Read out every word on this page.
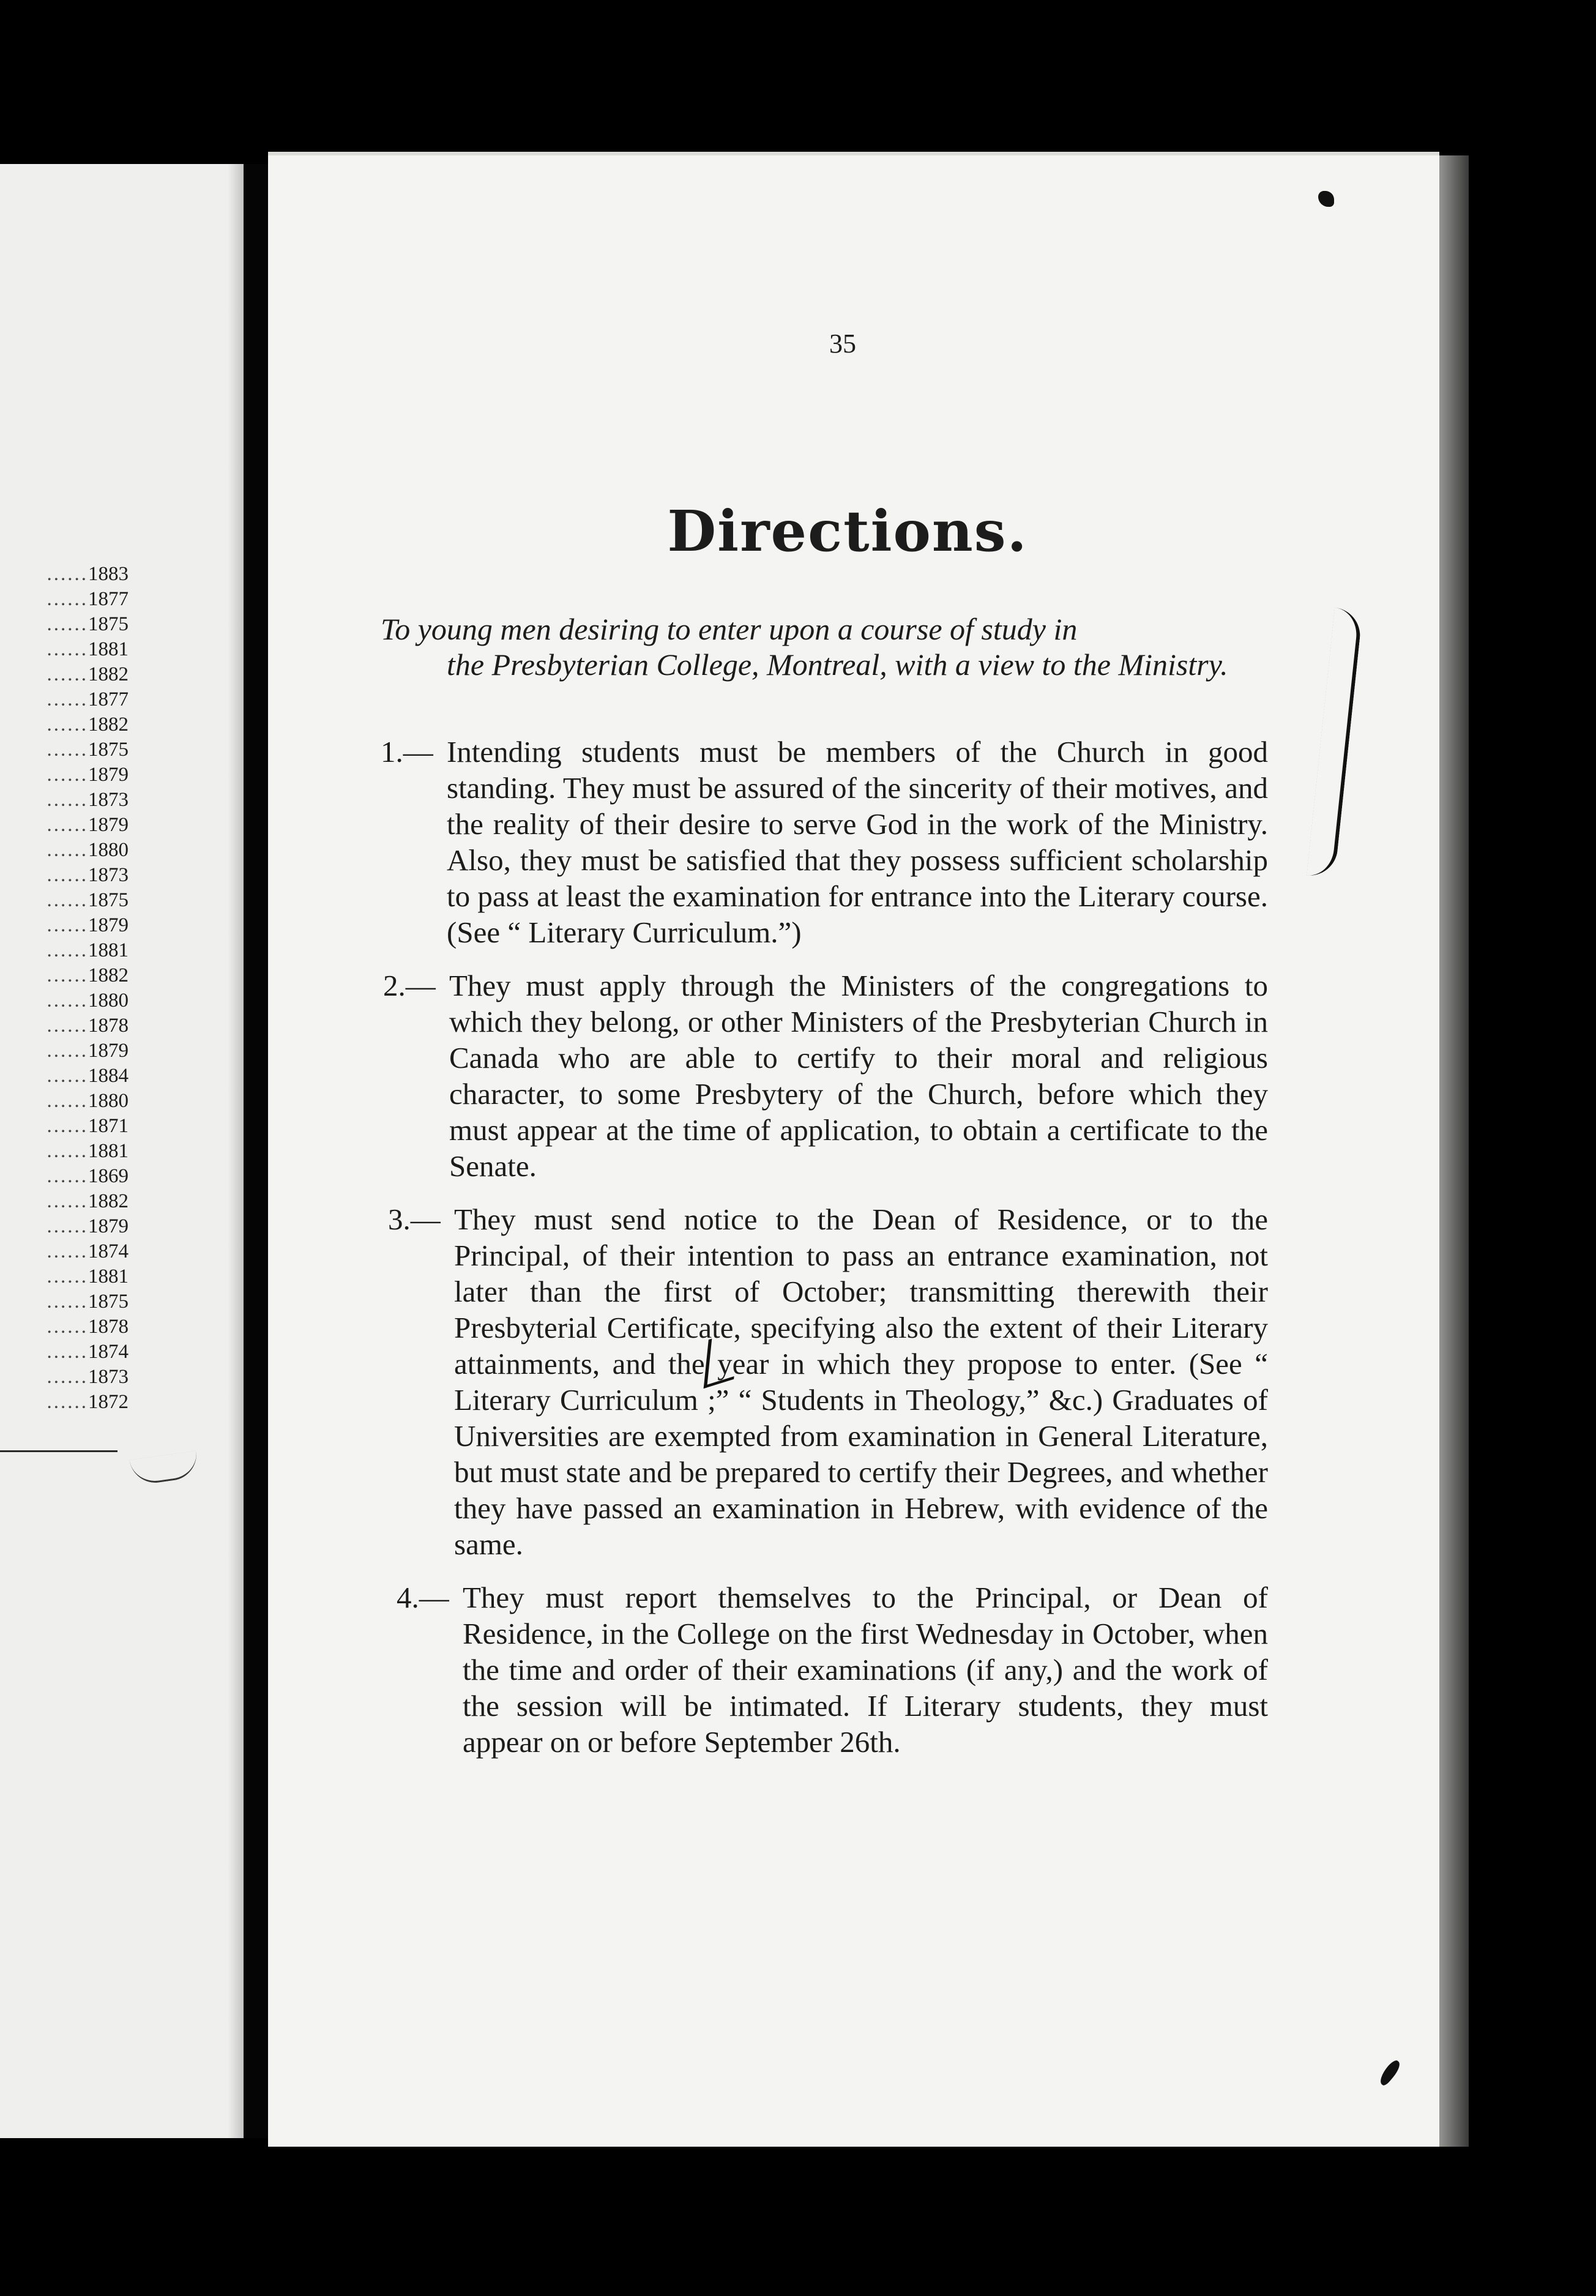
......1883
......1877
......1875
......1881
......1882
......1877
......1882
......1875
......1879
......1873
......1879
......1880
......1873
......1875
......1879
......1881
......1882
......1880
......1878
......1879
......1884
......1880
......1871
......1881
......1869
......1882
......1879
......1874
......1881
......1875
......1878
......1874
......1873
......1872
35
Directions.
To young men desiring to enter upon a course of study in
the Presbyterian College, Montreal, with a view to the Ministry.
1.— Intending students must be members of the Church in good standing. They must be assured of the sincerity of their motives, and the reality of their desire to serve God in the work of the Ministry. Also, they must be satisfied that they possess sufficient scholarship to pass at least the examination for entrance into the Literary course. (See “ Literary Curriculum.”)
2.— They must apply through the Ministers of the congregations to which they belong, or other Ministers of the Presbyterian Church in Canada who are able to certify to their moral and religious character, to some Presbytery of the Church, before which they must appear at the time of application, to obtain a certificate to the Senate.
3.— They must send notice to the Dean of Residence, or to the Principal, of their intention to pass an entrance examination, not later than the first of October; transmitting therewith their Presbyterial Certificate, specifying also the extent of their Literary attainments, and the year in which they propose to enter. (See “ Literary Curriculum ;” “ Students in Theology,” &c.) Graduates of Universities are exempted from examination in General Literature, but must state and be prepared to certify their Degrees, and whether they have passed an examination in Hebrew, with evidence of the same.
4.— They must report themselves to the Principal, or Dean of Residence, in the College on the first Wednesday in October, when the time and order of their examinations (if any,) and the work of the session will be intimated. If Literary students, they must appear on or before September 26th.
